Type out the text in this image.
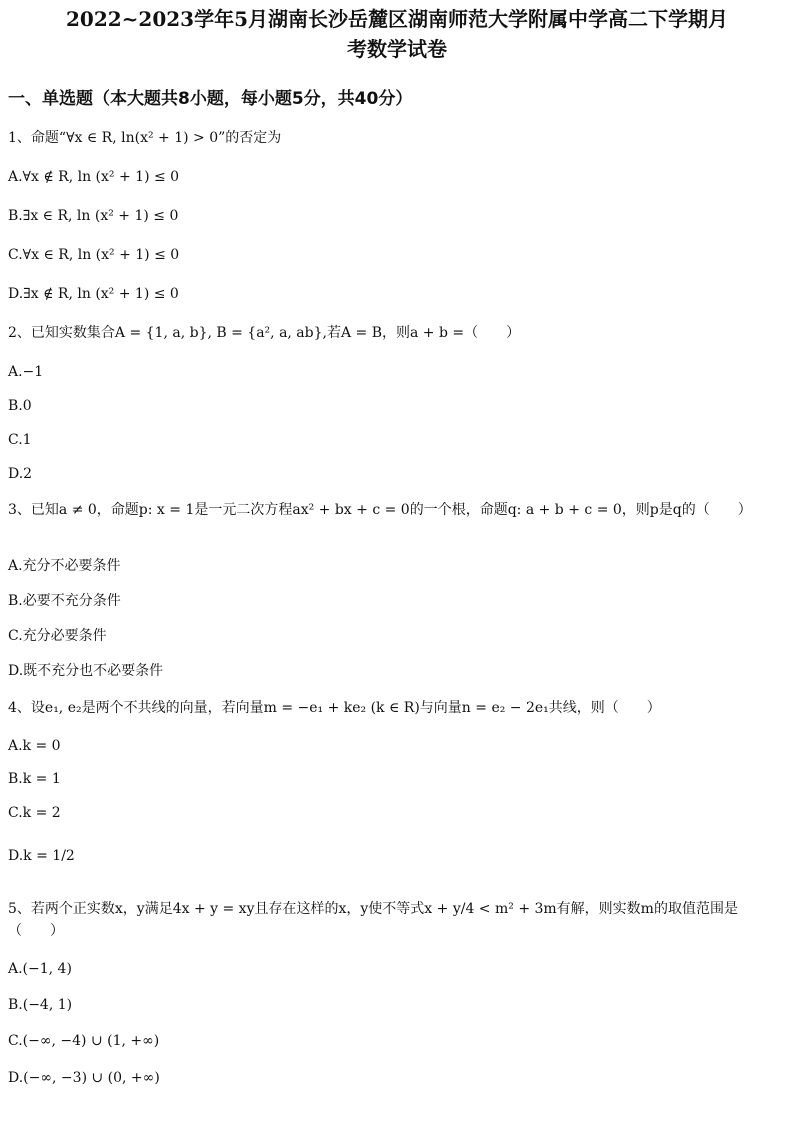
2022~2023学年5月湖南长沙岳麓区湖南师范大学附属中学高二下学期月
考数学试卷
一、单选题（本大题共8小题，每小题5分，共40分）
1、命题“∀x ∈ R, ln(x² + 1) > 0”的否定为
A.∀x ∉ R, ln (x² + 1) ≤ 0
B.∃x ∈ R, ln (x² + 1) ≤ 0
C.∀x ∈ R, ln (x² + 1) ≤ 0
D.∃x ∉ R, ln (x² + 1) ≤ 0
2、已知实数集合A = {1, a, b}, B = {a², a, ab},若A = B，则a + b =（　　）
A.−1
B.0
C.1
D.2
3、已知a ≠ 0，命题p: x = 1是一元二次方程ax² + bx + c = 0的一个根，命题q: a + b + c = 0，则p是q的（　　）
A.充分不必要条件
B.必要不充分条件
C.充分必要条件
D.既不充分也不必要条件
4、设e₁, e₂是两个不共线的向量，若向量m = −e₁ + ke₂ (k ∈ R)与向量n = e₂ − 2e₁共线，则（　　）
A.k = 0
B.k = 1
C.k = 2
D.k = 1/2
5、若两个正实数x，y满足4x + y = xy且存在这样的x，y使不等式x + y/4 < m² + 3m有解，则实数m的取值范围是（　　）
A.(−1, 4)
B.(−4, 1)
C.(−∞, −4) ∪ (1, +∞)
D.(−∞, −3) ∪ (0, +∞)
